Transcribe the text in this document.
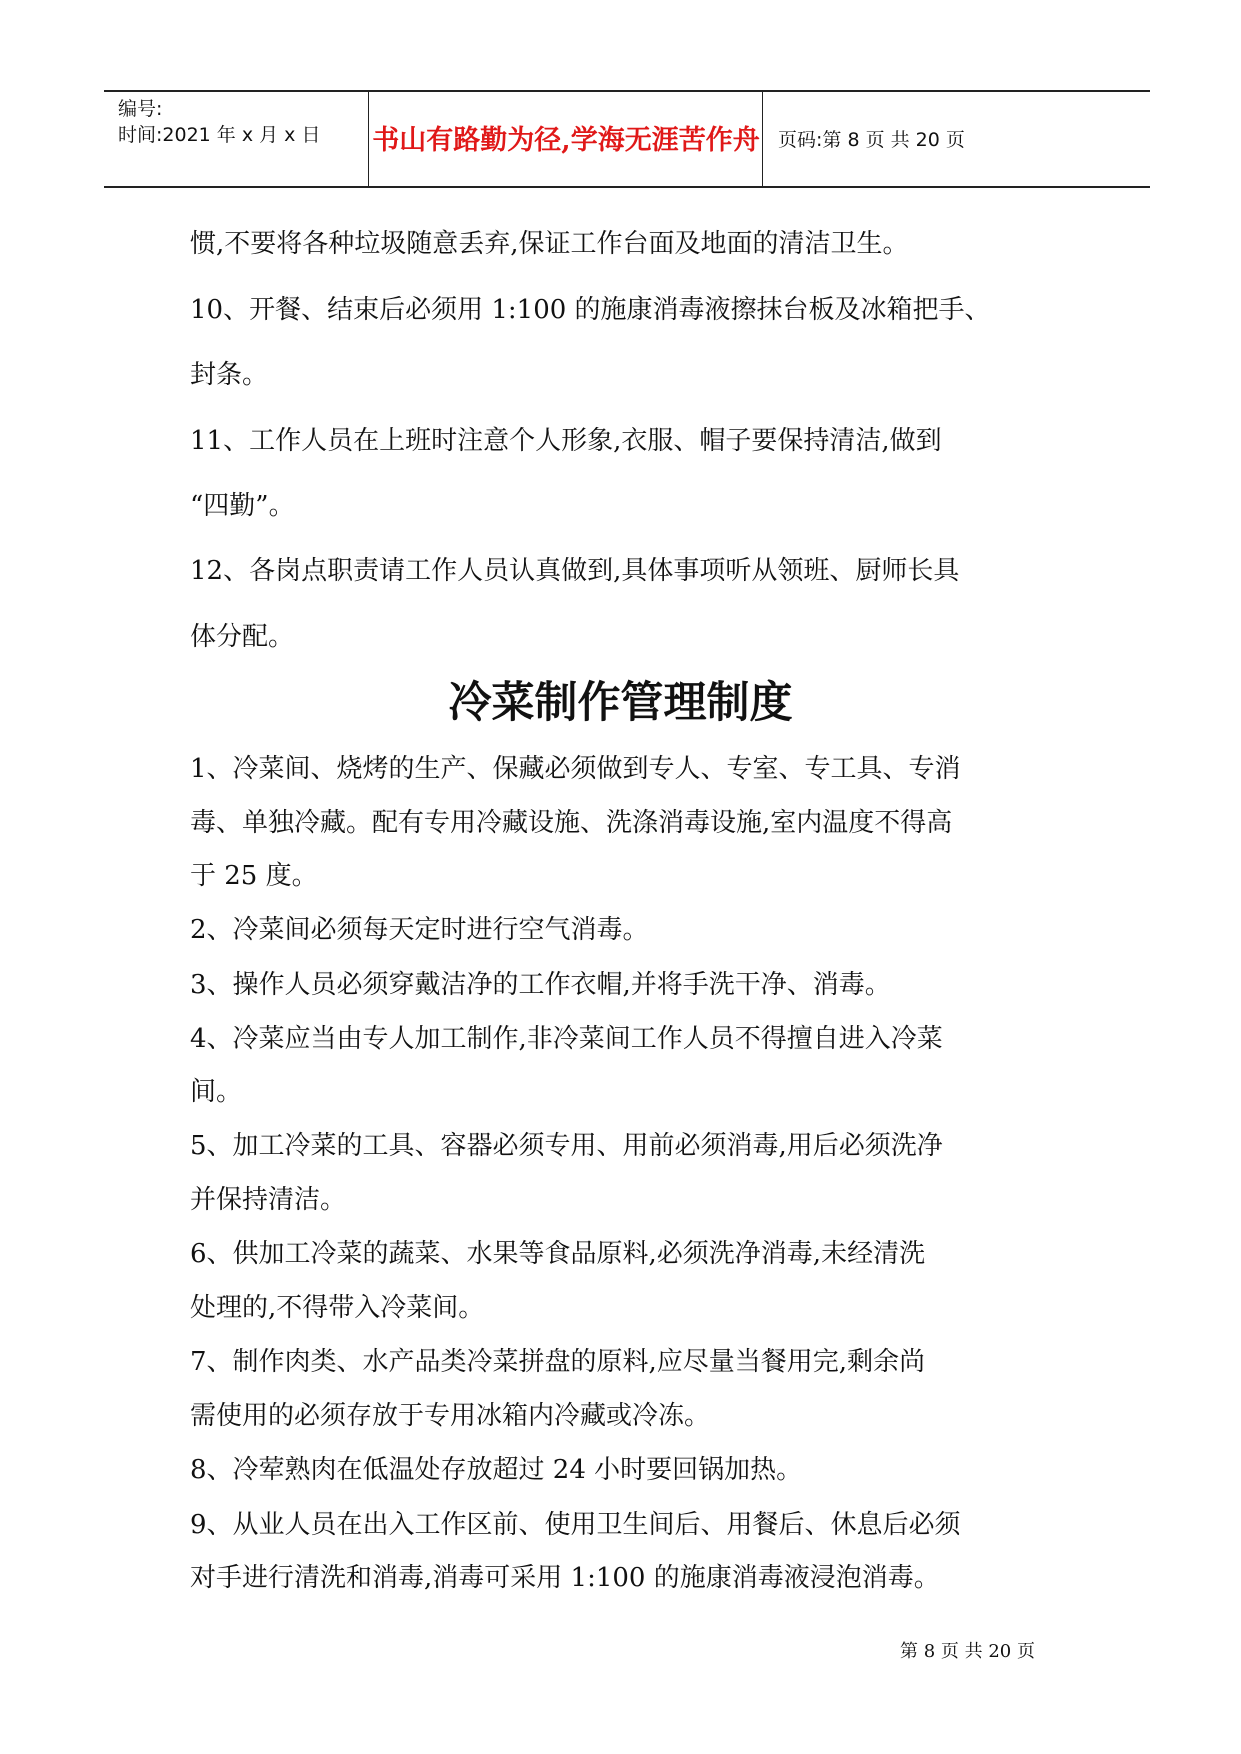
编号:
时间:2021 年 x 月 x 日 书山有路勤为径,学海无涯苦作舟 页码:第 8 页 共 20 页
惯,不要将各种垃圾随意丢弃,保证工作台面及地面的清洁卫生。
10、开餐、结束后必须用 1:100 的施康消毒液擦抹台板及冰箱把手、
封条。
11、工作人员在上班时注意个人形象,衣服、帽子要保持清洁,做到
“四勤”。
12、各岗点职责请工作人员认真做到,具体事项听从领班、厨师长具
体分配。
冷菜制作管理制度
1、冷菜间、烧烤的生产、保藏必须做到专人、专室、专工具、专消
毒、单独冷藏。配有专用冷藏设施、洗涤消毒设施,室内温度不得高
于 25 度。
2、冷菜间必须每天定时进行空气消毒。
3、操作人员必须穿戴洁净的工作衣帽,并将手洗干净、消毒。
4、冷菜应当由专人加工制作,非冷菜间工作人员不得擅自进入冷菜
间。
5、加工冷菜的工具、容器必须专用、用前必须消毒,用后必须洗净
并保持清洁。
6、供加工冷菜的蔬菜、水果等食品原料,必须洗净消毒,未经清洗
处理的,不得带入冷菜间。
7、制作肉类、水产品类冷菜拼盘的原料,应尽量当餐用完,剩余尚
需使用的必须存放于专用冰箱内冷藏或冷冻。
8、冷荤熟肉在低温处存放超过 24 小时要回锅加热。
9、从业人员在出入工作区前、使用卫生间后、用餐后、休息后必须
对手进行清洗和消毒,消毒可采用 1:100 的施康消毒液浸泡消毒。
第 8 页 共 20 页
